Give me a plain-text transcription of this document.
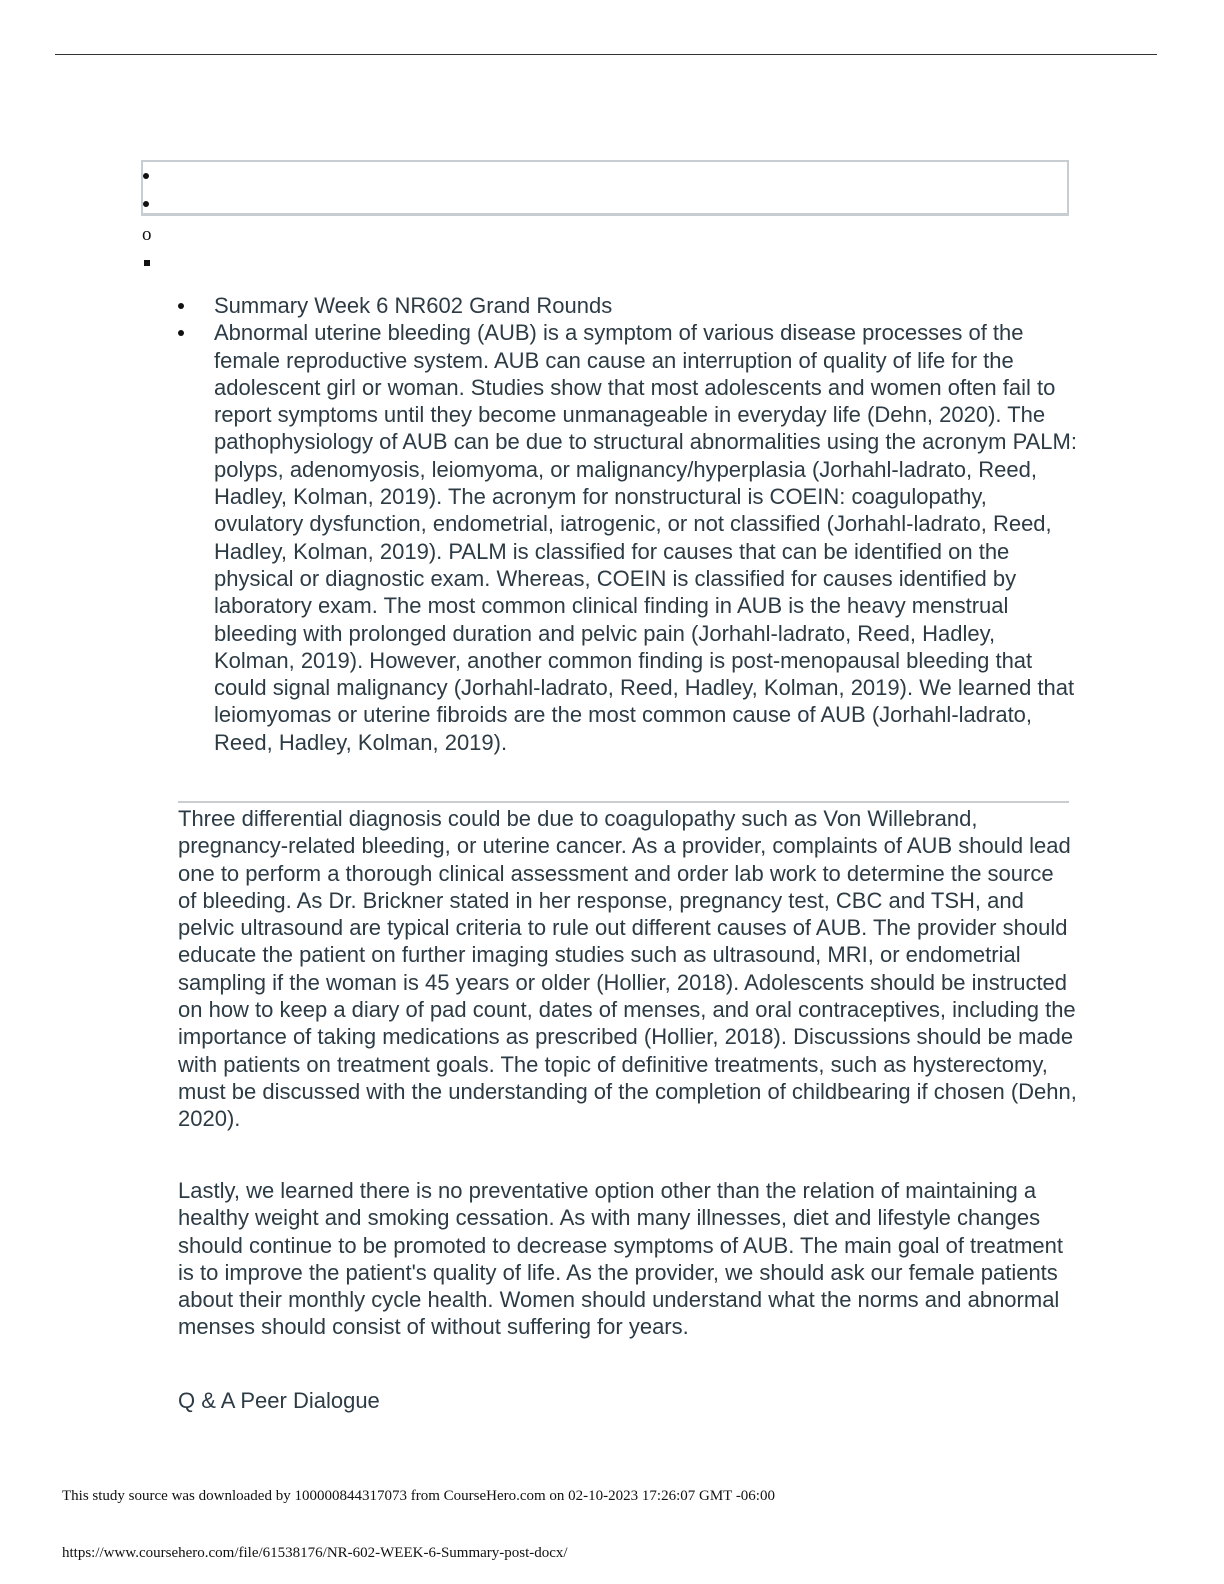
o
Summary Week 6 NR602 Grand Rounds
Abnormal uterine bleeding (AUB) is a symptom of various disease processes of the female reproductive system. AUB can cause an interruption of quality of life for the adolescent girl or woman. Studies show that most adolescents and women often fail to report symptoms until they become unmanageable in everyday life (Dehn, 2020). The pathophysiology of AUB can be due to structural abnormalities using the acronym PALM: polyps, adenomyosis, leiomyoma, or malignancy/hyperplasia (Jorhahl-ladrato, Reed, Hadley, Kolman, 2019). The acronym for nonstructural is COEIN: coagulopathy, ovulatory dysfunction, endometrial, iatrogenic, or not classified (Jorhahl-ladrato, Reed, Hadley, Kolman, 2019). PALM is classified for causes that can be identified on the physical or diagnostic exam. Whereas, COEIN is classified for causes identified by laboratory exam. The most common clinical finding in AUB is the heavy menstrual bleeding with prolonged duration and pelvic pain (Jorhahl-ladrato, Reed, Hadley, Kolman, 2019). However, another common finding is post-menopausal bleeding that could signal malignancy (Jorhahl-ladrato, Reed, Hadley, Kolman, 2019). We learned that leiomyomas or uterine fibroids are the most common cause of AUB (Jorhahl-ladrato, Reed, Hadley, Kolman, 2019).

Three differential diagnosis could be due to coagulopathy such as Von Willebrand, pregnancy-related bleeding, or uterine cancer. As a provider, complaints of AUB should lead one to perform a thorough clinical assessment and order lab work to determine the source of bleeding. As Dr. Brickner stated in her response, pregnancy test, CBC and TSH, and pelvic ultrasound are typical criteria to rule out different causes of AUB. The provider should educate the patient on further imaging studies such as ultrasound, MRI, or endometrial sampling if the woman is 45 years or older (Hollier, 2018). Adolescents should be instructed on how to keep a diary of pad count, dates of menses, and oral contraceptives, including the importance of taking medications as prescribed (Hollier, 2018). Discussions should be made with patients on treatment goals. The topic of definitive treatments, such as hysterectomy, must be discussed with the understanding of the completion of childbearing if chosen (Dehn, 2020).

Lastly, we learned there is no preventative option other than the relation of maintaining a healthy weight and smoking cessation. As with many illnesses, diet and lifestyle changes should continue to be promoted to decrease symptoms of AUB. The main goal of treatment is to improve the patient's quality of life. As the provider, we should ask our female patients about their monthly cycle health. Women should understand what the norms and abnormal menses should consist of without suffering for years.

Q & A Peer Dialogue

This study source was downloaded by 100000844317073 from CourseHero.com on 02-10-2023 17:26:07 GMT -06:00
https://www.coursehero.com/file/61538176/NR-602-WEEK-6-Summary-post-docx/
